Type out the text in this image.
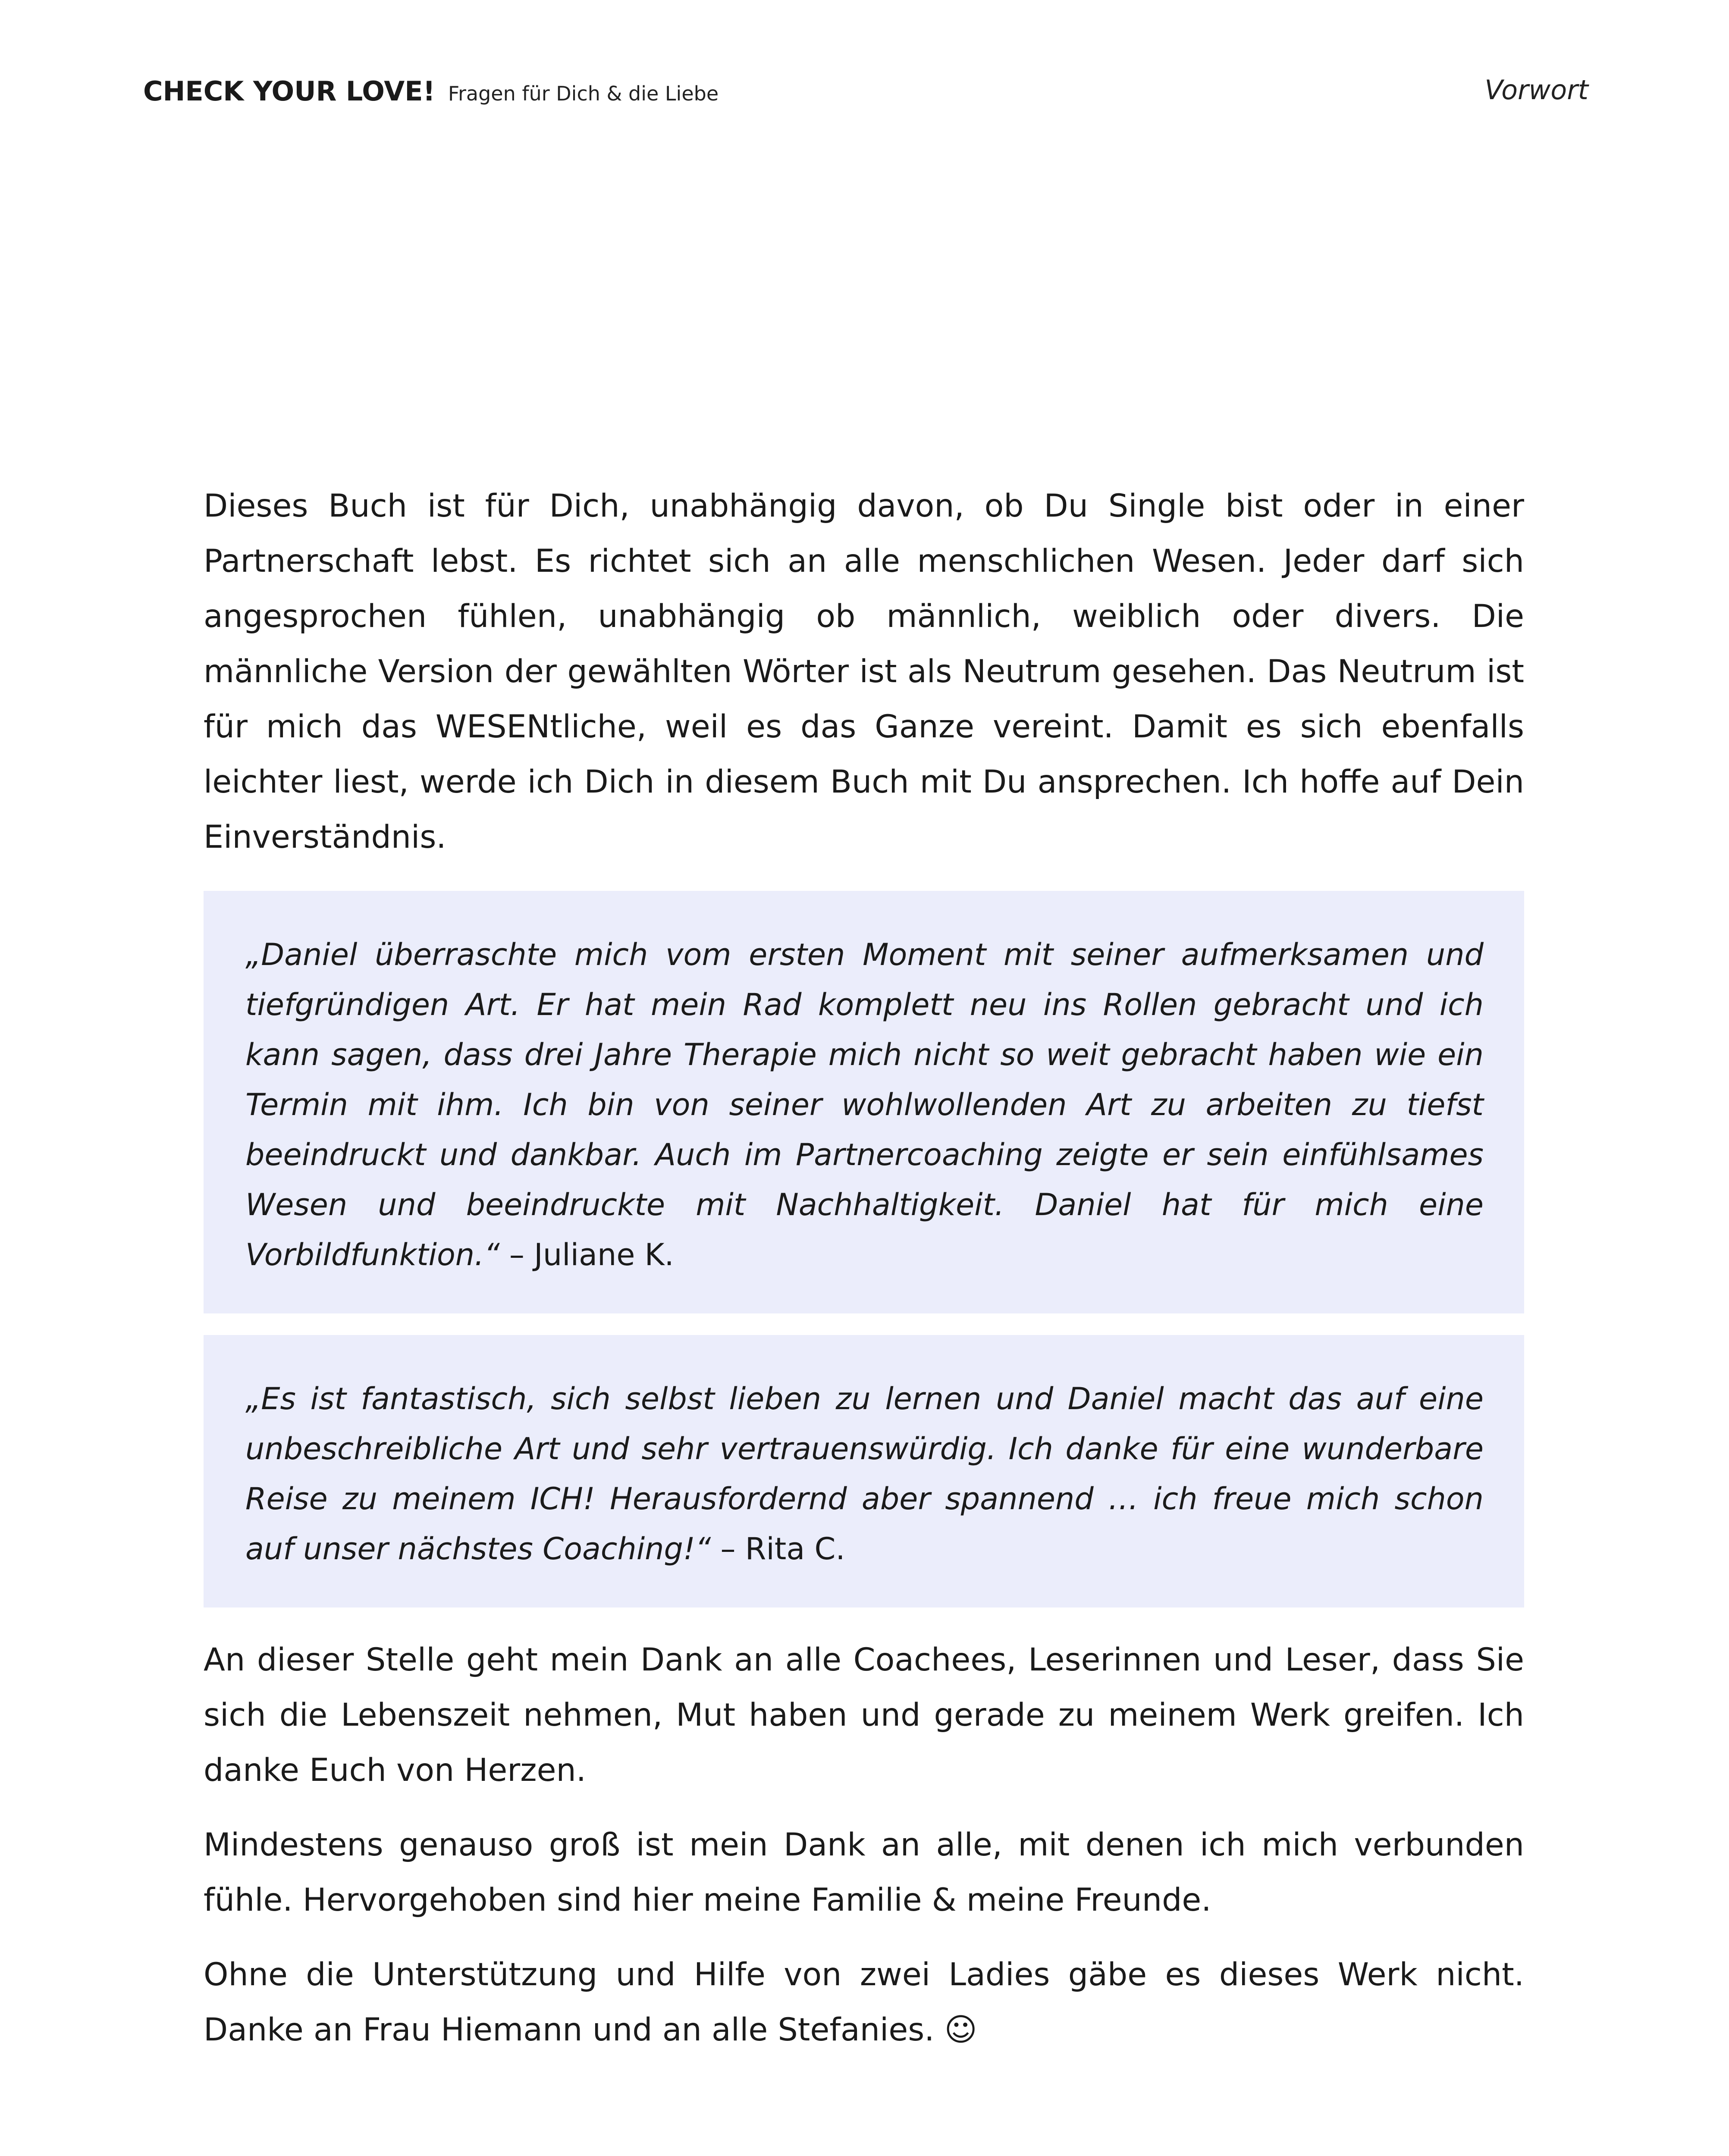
CHECK YOUR LOVE! Fragen für Dich & die Liebe	Vorwort

Dieses Buch ist für Dich, unabhängig davon, ob Du Single bist oder in einer Partnerschaft lebst. Es richtet sich an alle menschlichen Wesen. Jeder darf sich angesprochen fühlen, unabhängig ob männlich, weiblich oder divers. Die männliche Version der gewählten Wörter ist als Neutrum gesehen. Das Neutrum ist für mich das WESENtliche, weil es das Ganze vereint. Damit es sich ebenfalls leichter liest, werde ich Dich in diesem Buch mit Du ansprechen. Ich hoffe auf Dein Einverständnis.

„Daniel überraschte mich vom ersten Moment mit seiner aufmerksamen und tiefgründigen Art. Er hat mein Rad komplett neu ins Rollen gebracht und ich kann sagen, dass drei Jahre Therapie mich nicht so weit gebracht haben wie ein Termin mit ihm. Ich bin von seiner wohlwollenden Art zu arbeiten zu tiefst beeindruckt und dankbar. Auch im Partnercoaching zeigte er sein einfühlsames Wesen und beeindruckte mit Nachhaltigkeit. Daniel hat für mich eine Vorbildfunktion.“ – Juliane K.

„Es ist fantastisch, sich selbst lieben zu lernen und Daniel macht das auf eine unbeschreibliche Art und sehr vertrauenswürdig. Ich danke für eine wunderbare Reise zu meinem ICH! Herausfordernd aber spannend … ich freue mich schon auf unser nächstes Coaching!“ – Rita C.

An dieser Stelle geht mein Dank an alle Coachees, Leserinnen und Leser, dass Sie sich die Lebenszeit nehmen, Mut haben und gerade zu meinem Werk greifen. Ich danke Euch von Herzen.

Mindestens genauso groß ist mein Dank an alle, mit denen ich mich verbunden fühle. Hervorgehoben sind hier meine Familie & meine Freunde.

Ohne die Unterstützung und Hilfe von zwei Ladies gäbe es dieses Werk nicht. Danke an Frau Hiemann und an alle Stefanies. ☺
